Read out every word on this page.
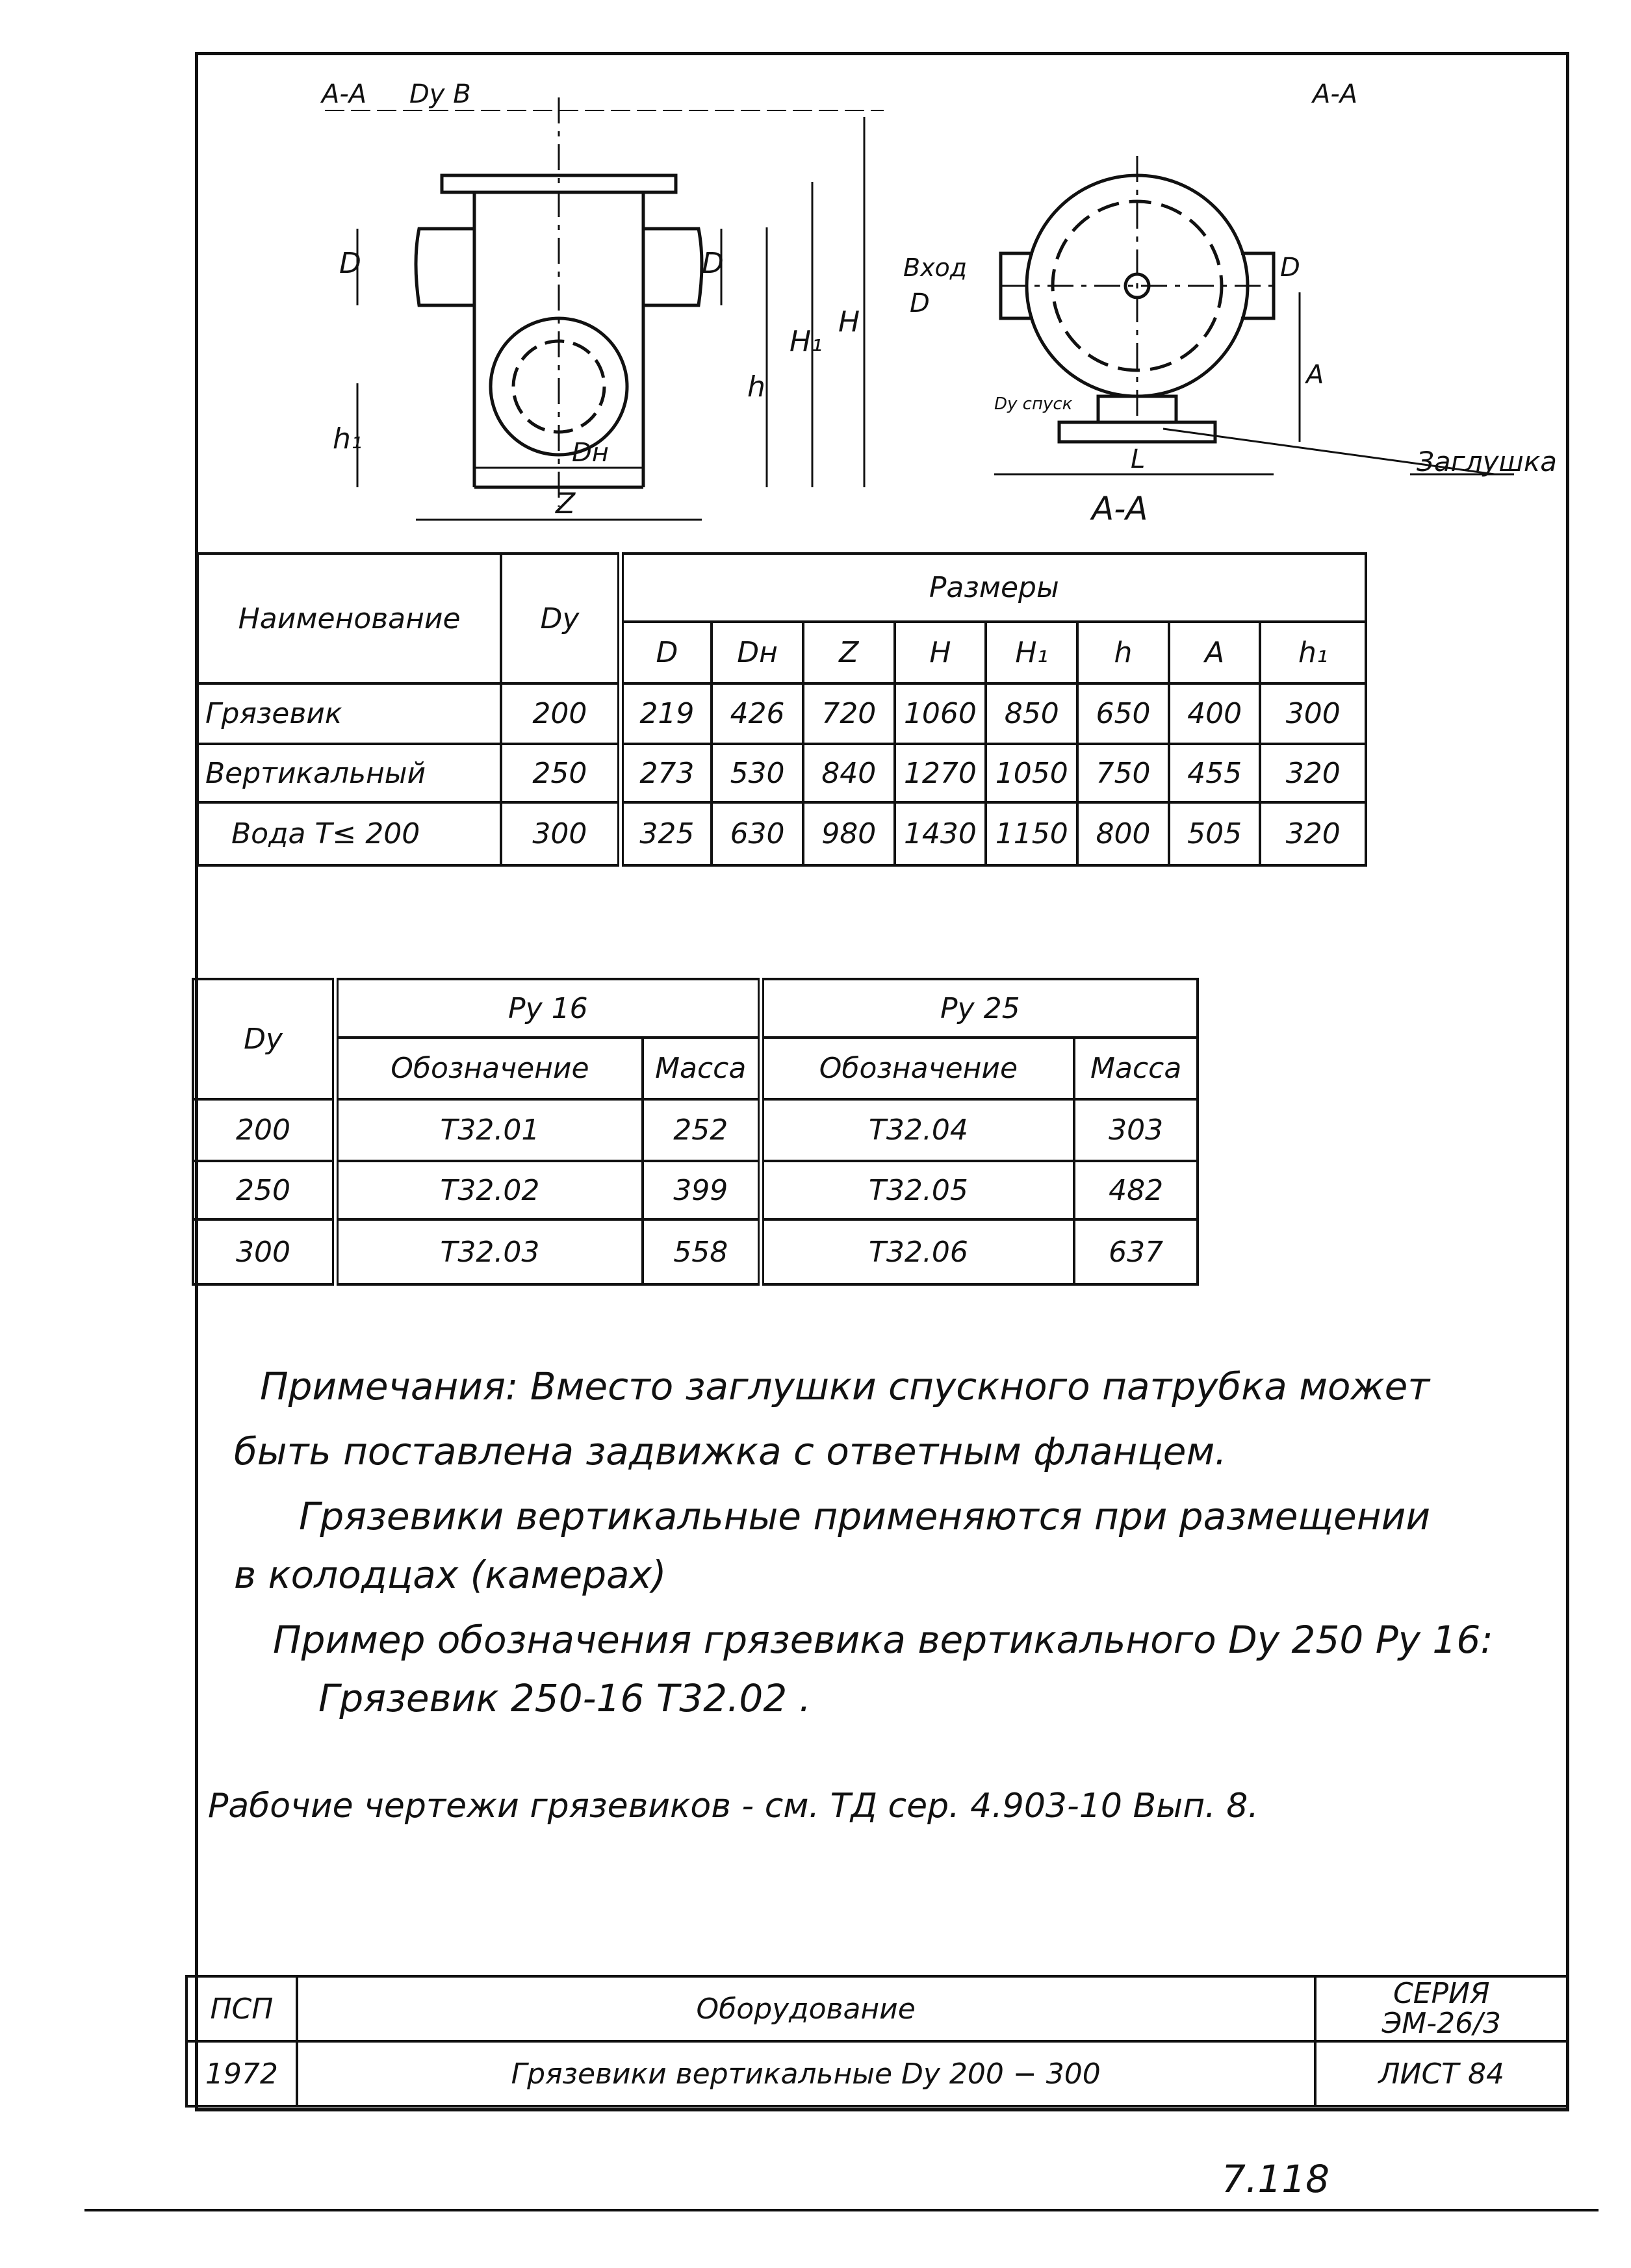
A-A Dу B
D	D
h
H₁
H
h₁	Dн
Z
Вход
D
D
A
L
Dу спуск
A-A
Заглушка
A-A
Наименование	Dу	Размеры							
		D	Dн	Z	H	H₁	h	A	h₁
Грязевик	200	219	426	720	1060	850	650	400	300
Вертикальный	250	273	530	840	1270	1050	750	455	320
Вода T≤ 200	300	325	630	980	1430	1150	800	505	320
Dу	Pу 16		Pу 25	
	Обозначение	Масса	Обозначение	Масса
200	T32.01	252	T32.04	303
250	T32.02	399	T32.05	482
300	T32.03	558	T32.06	637
Примечания: Вместо заглушки спускного патрубка может
быть поставлена задвижка с ответным фланцем.
Грязевики вертикальные применяются при размещении
в колодцах (камерах)
Пример обозначения грязевика вертикального Dу 250 Pу 16:
Грязевик 250-16 T32.02 .
Рабочие чертежи грязевиков - см. ТД сер. 4.903-10 Вып. 8.
ПСП	Оборудование	СЕРИЯ
ЭМ-26/3

1972	Грязевики вертикальные Dу 200 − 300	ЛИСТ 84
7.118
